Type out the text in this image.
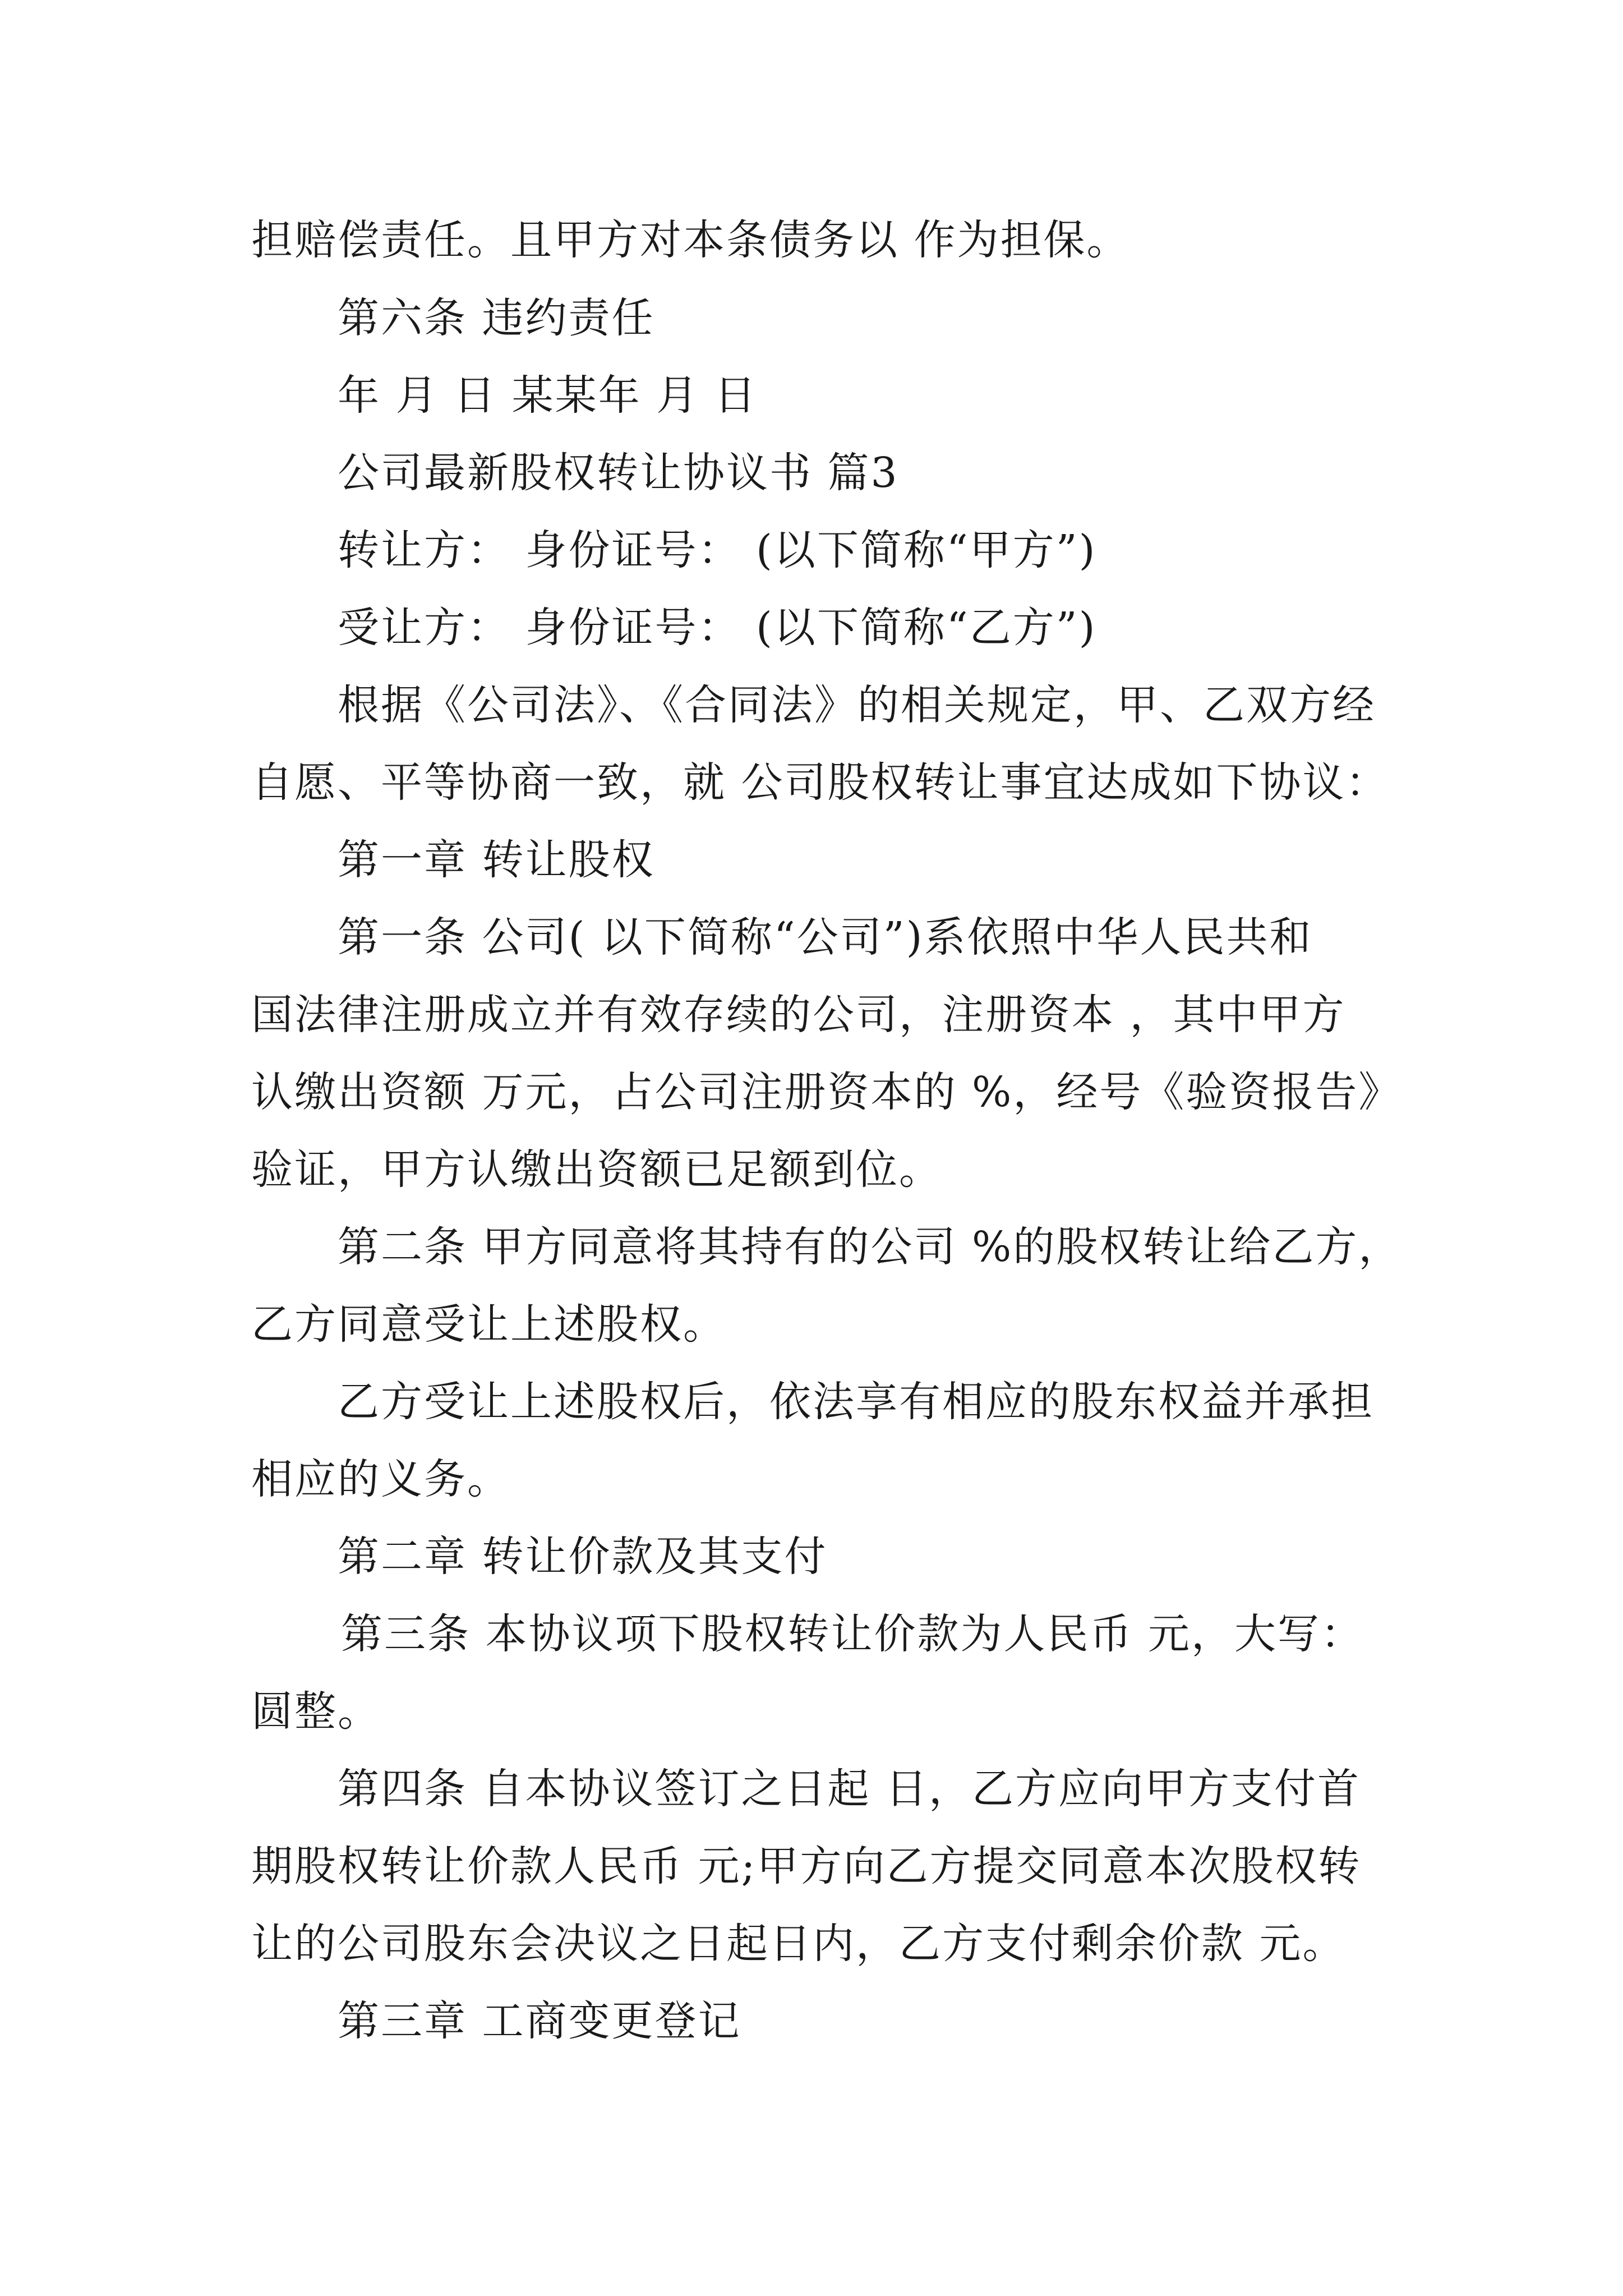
担赔偿责任。且甲方对本条债务以 作为担保。
第六条 违约责任
年 月 日 某某年 月 日
公司最新股权转让协议书 篇3
转让方： 身份证号： (以下简称“甲方”)
受让方： 身份证号： (以下简称“乙方”)
根据《公司法》、《合同法》的相关规定，甲、乙双方经
自愿、平等协商一致，就 公司股权转让事宜达成如下协议：
第一章 转让股权
第一条 公司( 以下简称“公司”)系依照中华人民共和
国法律注册成立并有效存续的公司，注册资本 ，其中甲方
认缴出资额 万元，占公司注册资本的 %，经号《验资报告》
验证，甲方认缴出资额已足额到位。
第二条 甲方同意将其持有的公司 %的股权转让给乙方，
乙方同意受让上述股权。
乙方受让上述股权后，依法享有相应的股东权益并承担
相应的义务。
第二章 转让价款及其支付
第三条 本协议项下股权转让价款为人民币 元，大写：
圆整。
第四条 自本协议签订之日起 日，乙方应向甲方支付首
期股权转让价款人民币 元;甲方向乙方提交同意本次股权转
让的公司股东会决议之日起日内，乙方支付剩余价款 元。
第三章 工商变更登记
